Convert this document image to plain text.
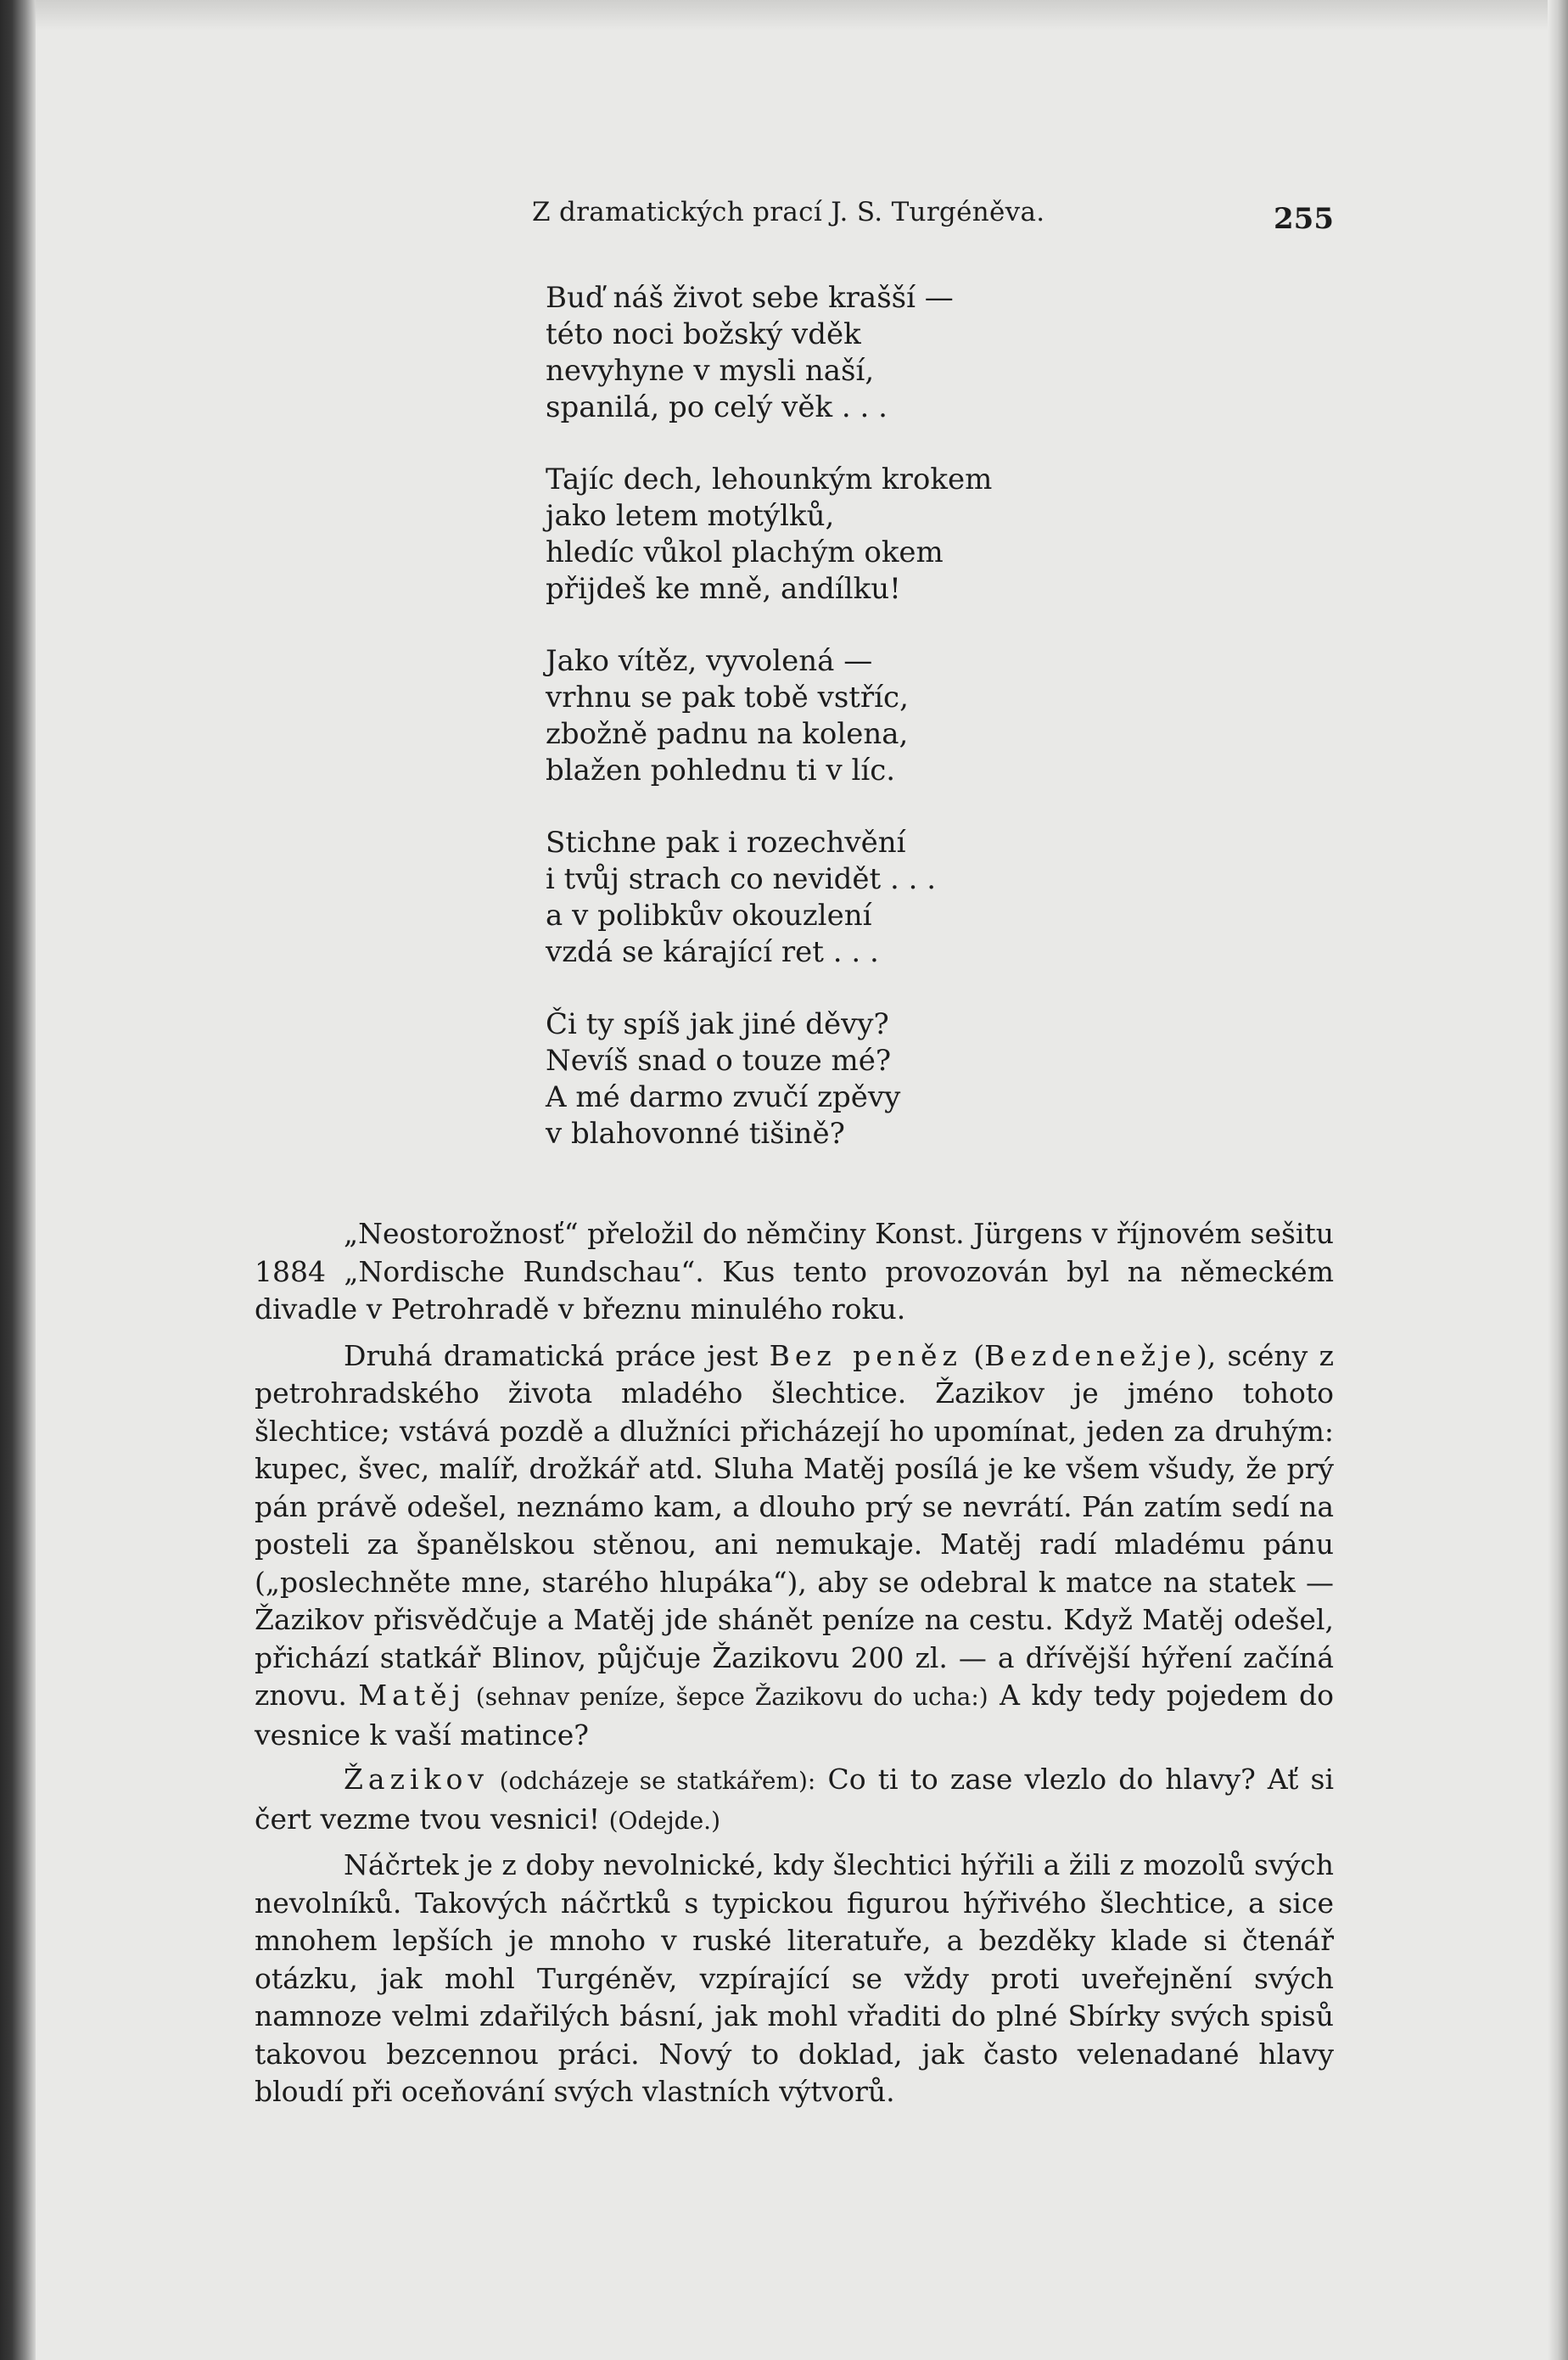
Z dramatických prací J. S. Turgéněva.	255
Buď náš život sebe krašší —
této noci božský vděk
nevyhyne v mysli naší,
spanilá, po celý věk . . .
Tajíc dech, lehounkým krokem
jako letem motýlků,
hledíc vůkol plachým okem
přijdeš ke mně, andílku!
Jako vítěz, vyvolená —
vrhnu se pak tobě vstříc,
zbožně padnu na kolena,
blažen pohlednu ti v líc.
Stichne pak i rozechvění
i tvůj strach co nevidět . . .
a v polibkův okouzlení
vzdá se kárající ret . . .
Či ty spíš jak jiné děvy?
Nevíš snad o touze mé?
A mé darmo zvučí zpěvy
v blahovonné tišině?

„Neostorožnosť“ přeložil do němčiny Konst. Jürgens v říjnovém sešitu 1884 „Nordische Rundschau“. Kus tento provozován byl na německém divadle v Petrohradě v březnu minulého roku.

Druhá dramatická práce jest Bez peněz (Bezdenežje), scény z petrohradského života mladého šlechtice. Žazikov je jméno tohoto šlechtice; vstává pozdě a dlužníci přicházejí ho upomínat, jeden za druhým: kupec, švec, malíř, drožkář atd. Sluha Matěj posílá je ke všem všudy, že prý pán právě odešel, neznámo kam, a dlouho prý se nevrátí. Pán zatím sedí na posteli za španělskou stěnou, ani nemukaje. Matěj radí mladému pánu („poslechněte mne, starého hlupáka“), aby se odebral k matce na statek — Žazikov přisvědčuje a Matěj jde shánět peníze na cestu. Když Matěj odešel, přichází statkář Blinov, půjčuje Žazikovu 200 zl. — a dřívější hýření začíná znovu. Matěj (sehnav peníze, šepce Žazikovu do ucha:) A kdy tedy pojedem do vesnice k vaší matince?

Žazikov (odcházeje se statkářem): Co ti to zase vlezlo do hlavy? Ať si čert vezme tvou vesnici! (Odejde.)

Náčrtek je z doby nevolnické, kdy šlechtici hýřili a žili z mozolů svých nevolníků. Takových náčrtků s typickou figurou hýřivého šlechtice, a sice mnohem lepších je mnoho v ruské literatuře, a bezděky klade si čtenář otázku, jak mohl Turgéněv, vzpírající se vždy proti uveřejnění svých namnoze velmi zdařilých básní, jak mohl vřaditi do plné Sbírky svých spisů takovou bezcennou práci. Nový to doklad, jak často velenadané hlavy bloudí při oceňování svých vlastních výtvorů.
